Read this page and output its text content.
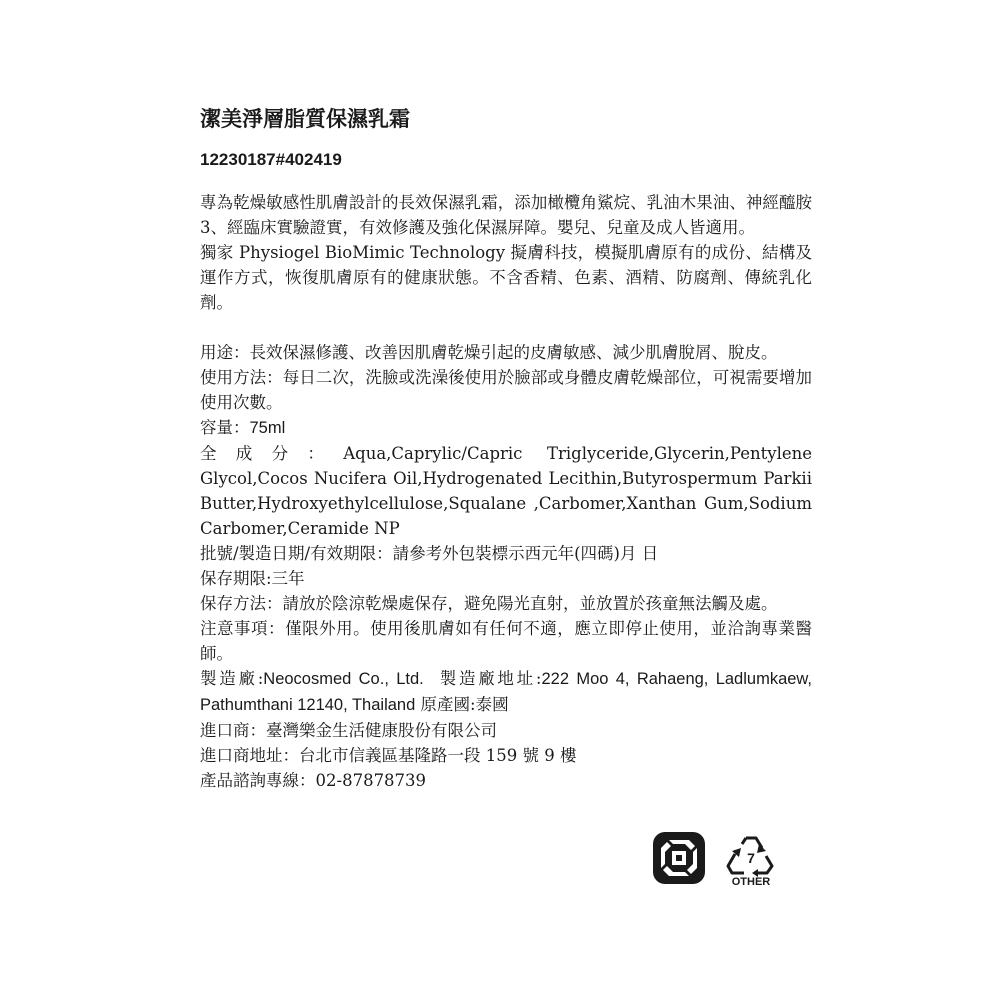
潔美淨層脂質保濕乳霜
12230187#402419

專為乾燥敏感性肌膚設計的長效保濕乳霜，添加橄欖角鯊烷、乳油木果油、神經醯胺 3、經臨床實驗證實，有效修護及強化保濕屏障。嬰兒、兒童及成人皆適用。

獨家 Physiogel BioMimic Technology 擬膚科技，模擬肌膚原有的成份、結構及運作方式，恢復肌膚原有的健康狀態。不含香精、色素、酒精、防腐劑、傳統乳化劑。

用途：長效保濕修護、改善因肌膚乾燥引起的皮膚敏感、減少肌膚脫屑、脫皮。

使用方法：每日二次，洗臉或洗澡後使用於臉部或身體皮膚乾燥部位，可視需要增加使用次數。

容量：75ml

全成分：Aqua,Caprylic/Capric Triglyceride,Glycerin,Pentylene Glycol,Cocos Nucifera Oil,Hydrogenated Lecithin,Butyrospermum Parkii Butter,Hydroxyethylcellulose,Squalane ,Carbomer,Xanthan Gum,Sodium Carbomer,Ceramide NP

批號/製造日期/有效期限：請參考外包裝標示西元年(四碼)月 日

保存期限:三年

保存方法：請放於陰涼乾燥處保存，避免陽光直射，並放置於孩童無法觸及處。

注意事項：僅限外用。使用後肌膚如有任何不適，應立即停止使用，並洽詢專業醫師。

製造廠:Neocosmed Co., Ltd. 製造廠地址:222 Moo 4, Rahaeng, Ladlumkaew, Pathumthani 12140, Thailand 原產國:泰國

進口商：臺灣樂金生活健康股份有限公司

進口商地址：台北市信義區基隆路一段 159 號 9 樓

產品諮詢專線：02-87878739

7
OTHER
